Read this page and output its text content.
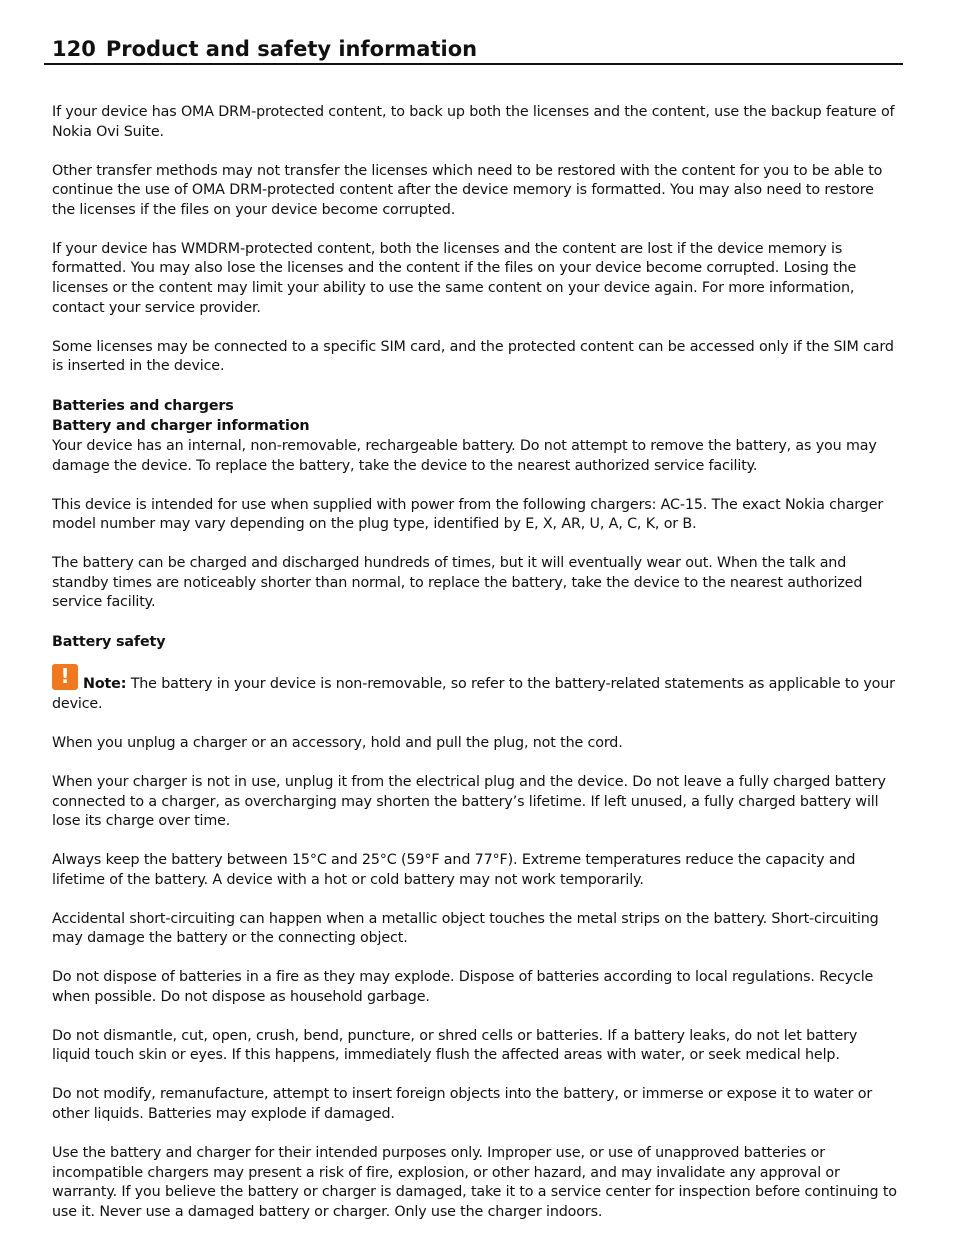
120 Product and safety information

If your device has OMA DRM-protected content, to back up both the licenses and the content, use the backup feature of Nokia Ovi Suite.

Other transfer methods may not transfer the licenses which need to be restored with the content for you to be able to continue the use of OMA DRM-protected content after the device memory is formatted. You may also need to restore the licenses if the files on your device become corrupted.

If your device has WMDRM-protected content, both the licenses and the content are lost if the device memory is formatted. You may also lose the licenses and the content if the files on your device become corrupted. Losing the licenses or the content may limit your ability to use the same content on your device again. For more information, contact your service provider.

Some licenses may be connected to a specific SIM card, and the protected content can be accessed only if the SIM card is inserted in the device.

Batteries and chargers
Battery and charger information

Your device has an internal, non-removable, rechargeable battery. Do not attempt to remove the battery, as you may damage the device. To replace the battery, take the device to the nearest authorized service facility.

This device is intended for use when supplied with power from the following chargers: AC-15. The exact Nokia charger model number may vary depending on the plug type, identified by E, X, AR, U, A, C, K, or B.

The battery can be charged and discharged hundreds of times, but it will eventually wear out. When the talk and standby times are noticeably shorter than normal, to replace the battery, take the device to the nearest authorized service facility.

Battery safety

! Note: The battery in your device is non-removable, so refer to the battery-related statements as applicable to your device.

When you unplug a charger or an accessory, hold and pull the plug, not the cord.

When your charger is not in use, unplug it from the electrical plug and the device. Do not leave a fully charged battery connected to a charger, as overcharging may shorten the battery’s lifetime. If left unused, a fully charged battery will lose its charge over time.

Always keep the battery between 15°C and 25°C (59°F and 77°F). Extreme temperatures reduce the capacity and lifetime of the battery. A device with a hot or cold battery may not work temporarily.

Accidental short-circuiting can happen when a metallic object touches the metal strips on the battery. Short-circuiting may damage the battery or the connecting object.

Do not dispose of batteries in a fire as they may explode. Dispose of batteries according to local regulations. Recycle when possible. Do not dispose as household garbage.

Do not dismantle, cut, open, crush, bend, puncture, or shred cells or batteries. If a battery leaks, do not let battery liquid touch skin or eyes. If this happens, immediately flush the affected areas with water, or seek medical help.

Do not modify, remanufacture, attempt to insert foreign objects into the battery, or immerse or expose it to water or other liquids. Batteries may explode if damaged.

Use the battery and charger for their intended purposes only. Improper use, or use of unapproved batteries or incompatible chargers may present a risk of fire, explosion, or other hazard, and may invalidate any approval or warranty. If you believe the battery or charger is damaged, take it to a service center for inspection before continuing to use it. Never use a damaged battery or charger. Only use the charger indoors.
